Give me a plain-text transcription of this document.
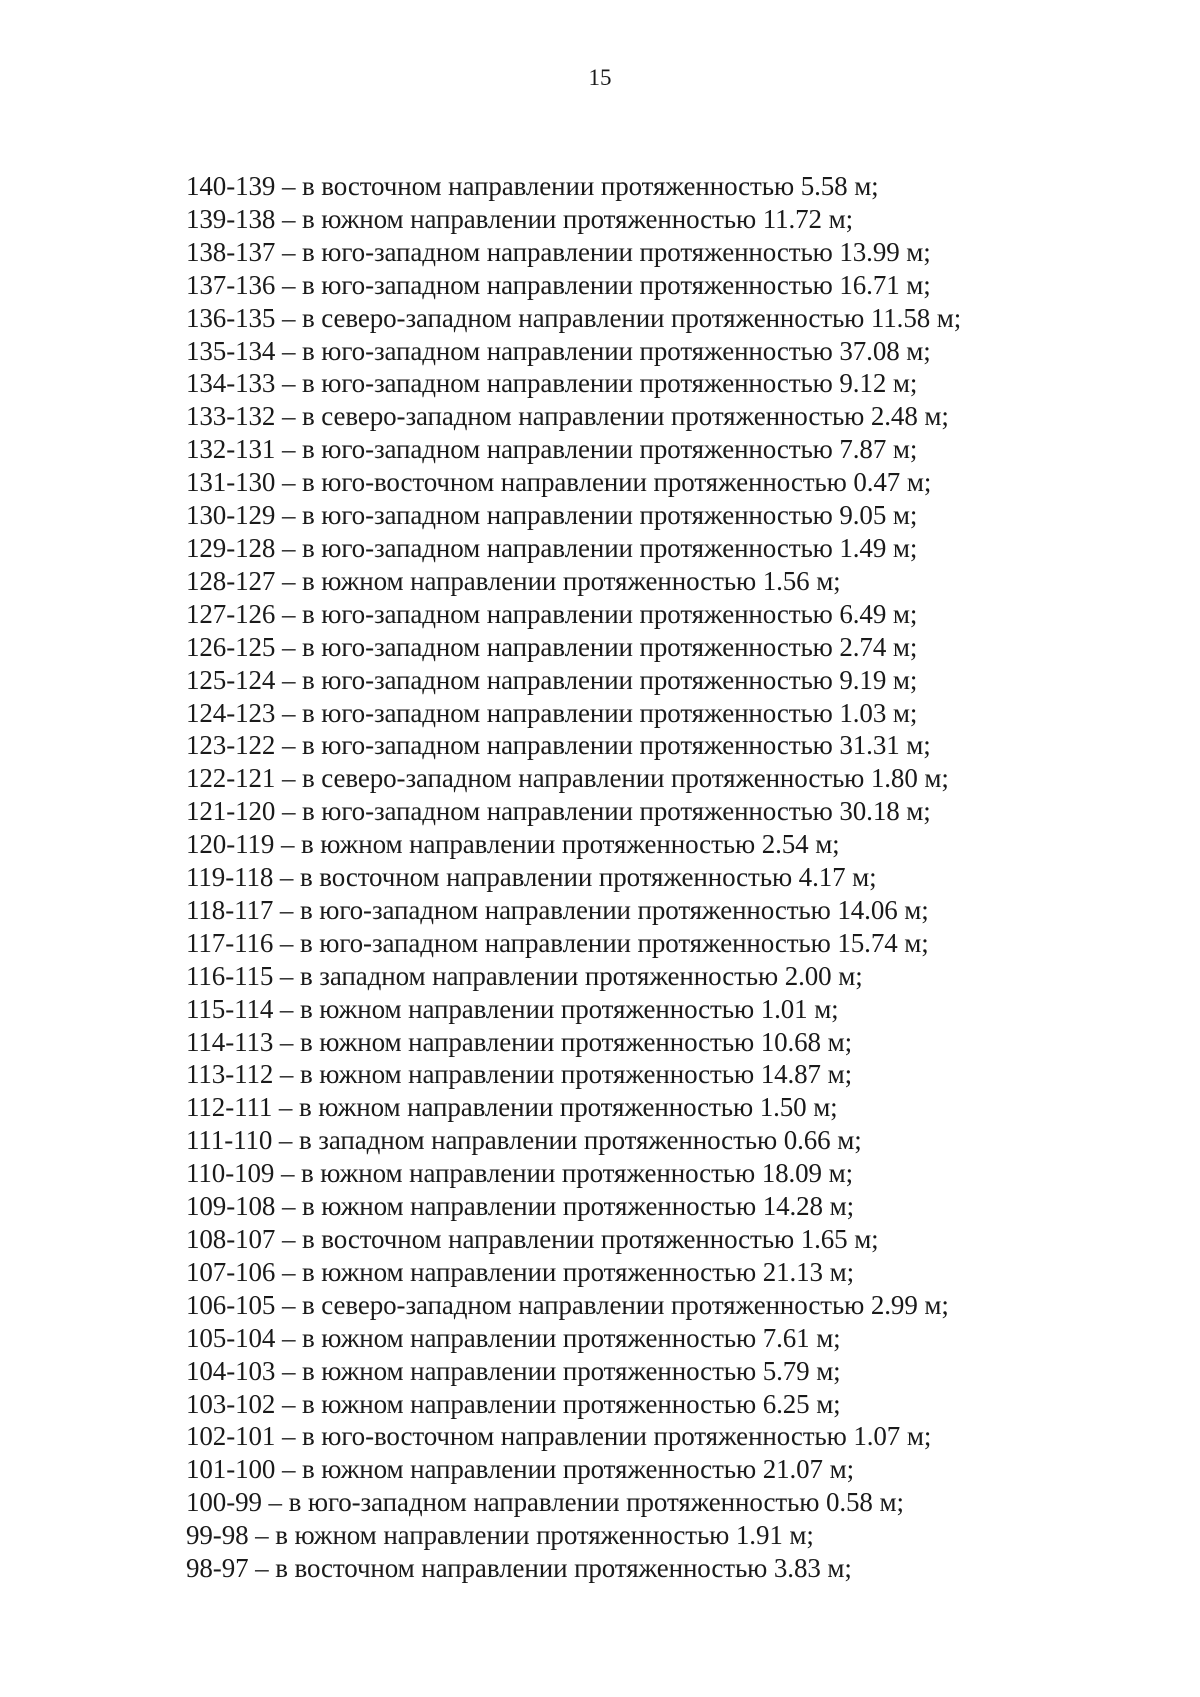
15
140-139 – в восточном направлении протяженностью 5.58 м;
139-138 – в южном направлении протяженностью 11.72 м;
138-137 – в юго-западном направлении протяженностью 13.99 м;
137-136 – в юго-западном направлении протяженностью 16.71 м;
136-135 – в северо-западном направлении протяженностью 11.58 м;
135-134 – в юго-западном направлении протяженностью 37.08 м;
134-133 – в юго-западном направлении протяженностью 9.12 м;
133-132 – в северо-западном направлении протяженностью 2.48 м;
132-131 – в юго-западном направлении протяженностью 7.87 м;
131-130 – в юго-восточном направлении протяженностью 0.47 м;
130-129 – в юго-западном направлении протяженностью 9.05 м;
129-128 – в юго-западном направлении протяженностью 1.49 м;
128-127 – в южном направлении протяженностью 1.56 м;
127-126 – в юго-западном направлении протяженностью 6.49 м;
126-125 – в юго-западном направлении протяженностью 2.74 м;
125-124 – в юго-западном направлении протяженностью 9.19 м;
124-123 – в юго-западном направлении протяженностью 1.03 м;
123-122 – в юго-западном направлении протяженностью 31.31 м;
122-121 – в северо-западном направлении протяженностью 1.80 м;
121-120 – в юго-западном направлении протяженностью 30.18 м;
120-119 – в южном направлении протяженностью 2.54 м;
119-118 – в восточном направлении протяженностью 4.17 м;
118-117 – в юго-западном направлении протяженностью 14.06 м;
117-116 – в юго-западном направлении протяженностью 15.74 м;
116-115 – в западном направлении протяженностью 2.00 м;
115-114 – в южном направлении протяженностью 1.01 м;
114-113 – в южном направлении протяженностью 10.68 м;
113-112 – в южном направлении протяженностью 14.87 м;
112-111 – в южном направлении протяженностью 1.50 м;
111-110 – в западном направлении протяженностью 0.66 м;
110-109 – в южном направлении протяженностью 18.09 м;
109-108 – в южном направлении протяженностью 14.28 м;
108-107 – в восточном направлении протяженностью 1.65 м;
107-106 – в южном направлении протяженностью 21.13 м;
106-105 – в северо-западном направлении протяженностью 2.99 м;
105-104 – в южном направлении протяженностью 7.61 м;
104-103 – в южном направлении протяженностью 5.79 м;
103-102 – в южном направлении протяженностью 6.25 м;
102-101 – в юго-восточном направлении протяженностью 1.07 м;
101-100 – в южном направлении протяженностью 21.07 м;
100-99 – в юго-западном направлении протяженностью 0.58 м;
99-98 – в южном направлении протяженностью 1.91 м;
98-97 – в восточном направлении протяженностью 3.83 м;
